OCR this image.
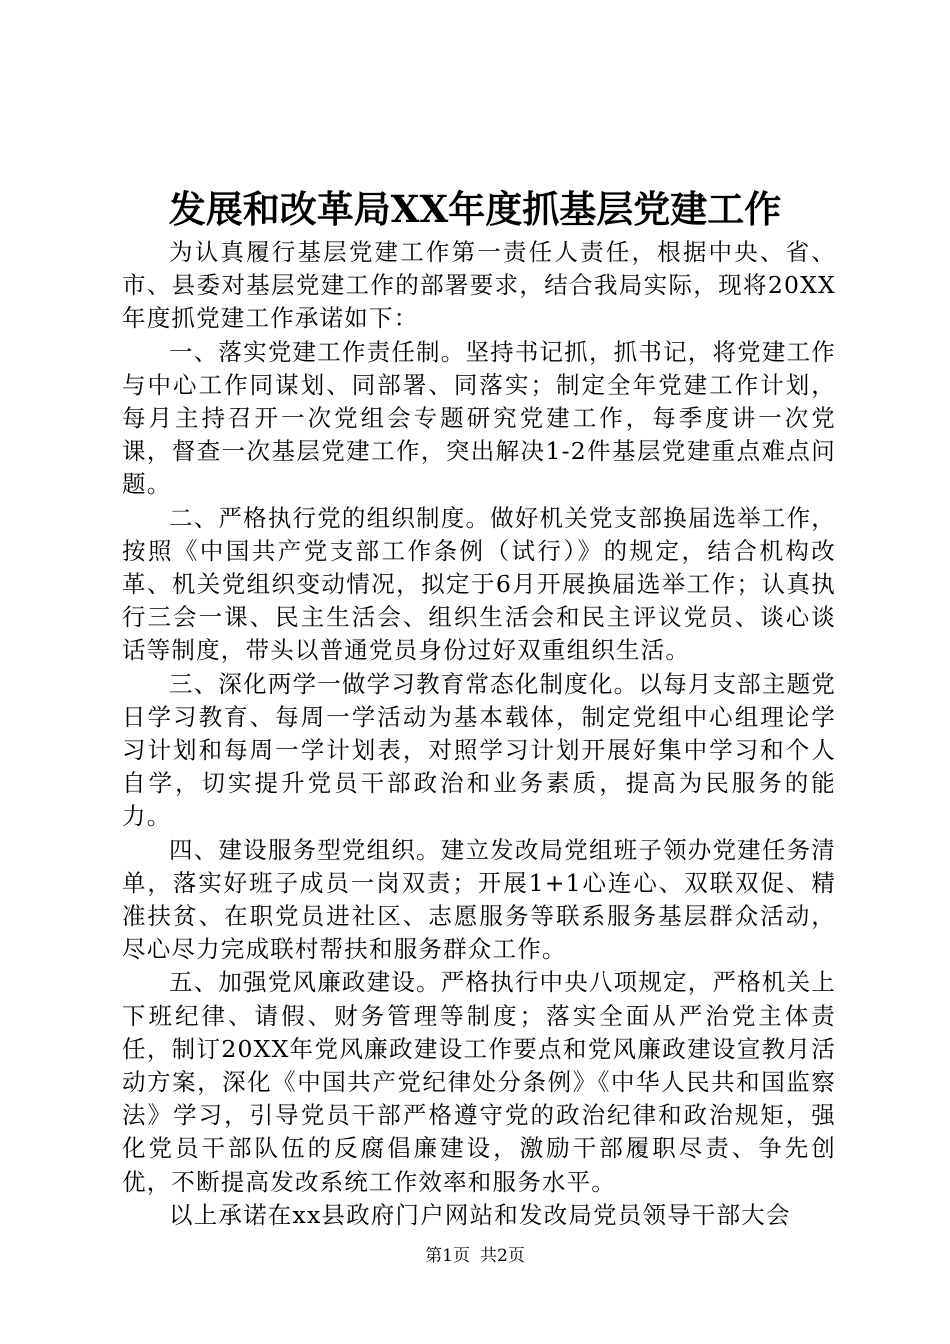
发展和改革局XX年度抓基层党建工作

为认真履行基层党建工作第一责任人责任，根据中央、省、市、县委对基层党建工作的部署要求，结合我局实际，现将20XX年度抓党建工作承诺如下：

一、落实党建工作责任制。坚持书记抓，抓书记，将党建工作与中心工作同谋划、同部署、同落实；制定全年党建工作计划，每月主持召开一次党组会专题研究党建工作，每季度讲一次党课，督查一次基层党建工作，突出解决1-2件基层党建重点难点问题。

二、严格执行党的组织制度。做好机关党支部换届选举工作，按照《中国共产党支部工作条例（试行）》的规定，结合机构改革、机关党组织变动情况，拟定于6月开展换届选举工作；认真执行三会一课、民主生活会、组织生活会和民主评议党员、谈心谈话等制度，带头以普通党员身份过好双重组织生活。

三、深化两学一做学习教育常态化制度化。以每月支部主题党日学习教育、每周一学活动为基本载体，制定党组中心组理论学习计划和每周一学计划表，对照学习计划开展好集中学习和个人自学，切实提升党员干部政治和业务素质，提高为民服务的能力。

四、建设服务型党组织。建立发改局党组班子领办党建任务清单，落实好班子成员一岗双责；开展1+1心连心、双联双促、精准扶贫、在职党员进社区、志愿服务等联系服务基层群众活动，尽心尽力完成联村帮扶和服务群众工作。

五、加强党风廉政建设。严格执行中央八项规定，严格机关上下班纪律、请假、财务管理等制度；落实全面从严治党主体责任，制订20XX年党风廉政建设工作要点和党风廉政建设宣教月活动方案，深化《中国共产党纪律处分条例》《中华人民共和国监察法》学习，引导党员干部严格遵守党的政治纪律和政治规矩，强化党员干部队伍的反腐倡廉建设，激励干部履职尽责、争先创优，不断提高发改系统工作效率和服务水平。

以上承诺在xx县政府门户网站和发改局党员领导干部大会

第1页 共2页
